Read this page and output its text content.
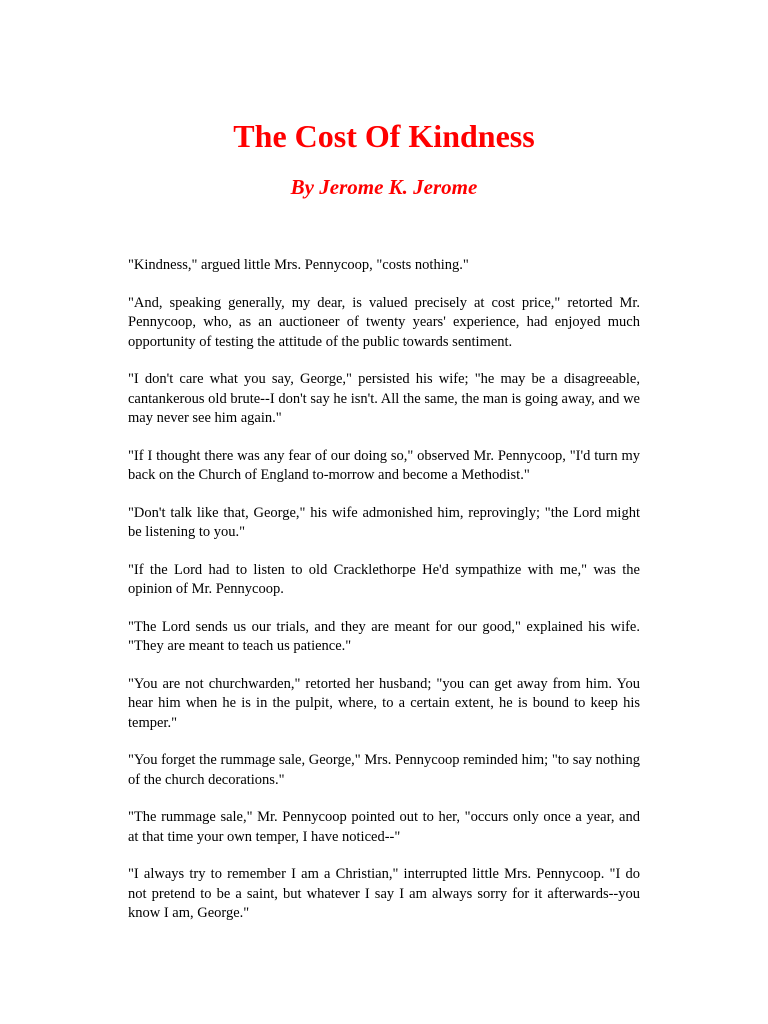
The Cost Of Kindness
By Jerome K. Jerome

"Kindness," argued little Mrs. Pennycoop, "costs nothing."

"And, speaking generally, my dear, is valued precisely at cost price," retorted Mr. Pennycoop, who, as an auctioneer of twenty years' experience, had enjoyed much opportunity of testing the attitude of the public towards sentiment.

"I don't care what you say, George," persisted his wife; "he may be a disagreeable, cantankerous old brute--I don't say he isn't. All the same, the man is going away, and we may never see him again."

"If I thought there was any fear of our doing so," observed Mr. Pennycoop, "I'd turn my back on the Church of England to-morrow and become a Methodist."

"Don't talk like that, George," his wife admonished him, reprovingly; "the Lord might be listening to you."

"If the Lord had to listen to old Cracklethorpe He'd sympathize with me," was the opinion of Mr. Pennycoop.

"The Lord sends us our trials, and they are meant for our good," explained his wife. "They are meant to teach us patience."

"You are not churchwarden," retorted her husband; "you can get away from him. You hear him when he is in the pulpit, where, to a certain extent, he is bound to keep his temper."

"You forget the rummage sale, George," Mrs. Pennycoop reminded him; "to say nothing of the church decorations."

"The rummage sale," Mr. Pennycoop pointed out to her, "occurs only once a year, and at that time your own temper, I have noticed--"

"I always try to remember I am a Christian," interrupted little Mrs. Pennycoop. "I do not pretend to be a saint, but whatever I say I am always sorry for it afterwards--you know I am, George."
